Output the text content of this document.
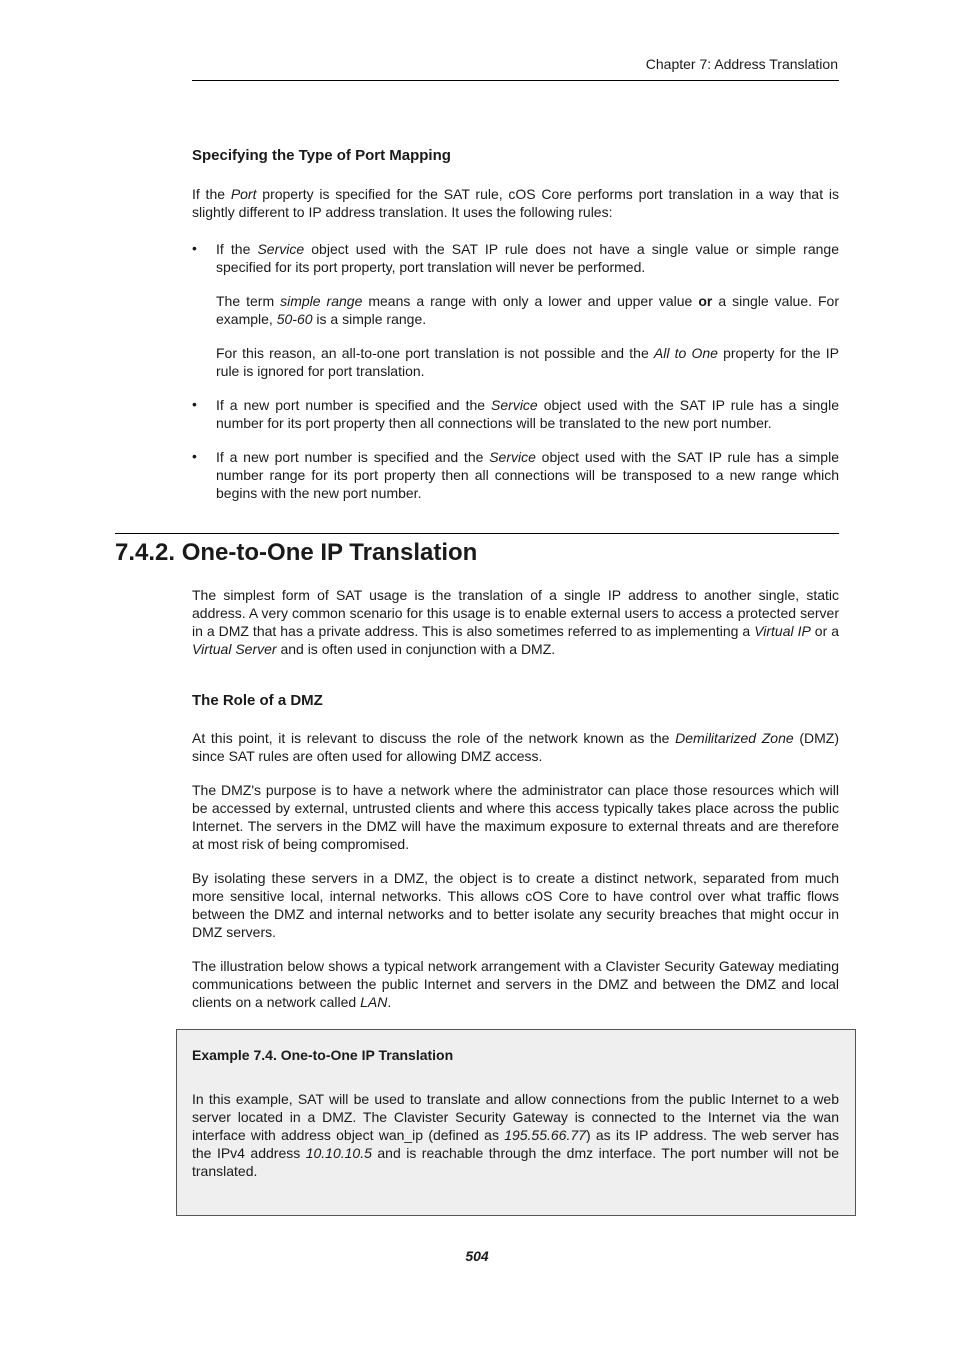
Chapter 7: Address Translation
Specifying the Type of Port Mapping
If the Port property is specified for the SAT rule, cOS Core performs port translation in a way that is slightly different to IP address translation. It uses the following rules:
• If the Service object used with the SAT IP rule does not have a single value or simple range specified for its port property, port translation will never be performed.
The term simple range means a range with only a lower and upper value or a single value. For example, 50-60 is a simple range.
For this reason, an all-to-one port translation is not possible and the All to One property for the IP rule is ignored for port translation.
• If a new port number is specified and the Service object used with the SAT IP rule has a single number for its port property then all connections will be translated to the new port number.
• If a new port number is specified and the Service object used with the SAT IP rule has a simple number range for its port property then all connections will be transposed to a new range which begins with the new port number.
7.4.2. One-to-One IP Translation
The simplest form of SAT usage is the translation of a single IP address to another single, static address. A very common scenario for this usage is to enable external users to access a protected server in a DMZ that has a private address. This is also sometimes referred to as implementing a Virtual IP or a Virtual Server and is often used in conjunction with a DMZ.
The Role of a DMZ
At this point, it is relevant to discuss the role of the network known as the Demilitarized Zone (DMZ) since SAT rules are often used for allowing DMZ access.
The DMZ's purpose is to have a network where the administrator can place those resources which will be accessed by external, untrusted clients and where this access typically takes place across the public Internet. The servers in the DMZ will have the maximum exposure to external threats and are therefore at most risk of being compromised.
By isolating these servers in a DMZ, the object is to create a distinct network, separated from much more sensitive local, internal networks. This allows cOS Core to have control over what traffic flows between the DMZ and internal networks and to better isolate any security breaches that might occur in DMZ servers.
The illustration below shows a typical network arrangement with a Clavister Security Gateway mediating communications between the public Internet and servers in the DMZ and between the DMZ and local clients on a network called LAN.
Example 7.4. One-to-One IP Translation
In this example, SAT will be used to translate and allow connections from the public Internet to a web server located in a DMZ. The Clavister Security Gateway is connected to the Internet via the wan interface with address object wan_ip (defined as 195.55.66.77) as its IP address. The web server has the IPv4 address 10.10.10.5 and is reachable through the dmz interface. The port number will not be translated.
504
